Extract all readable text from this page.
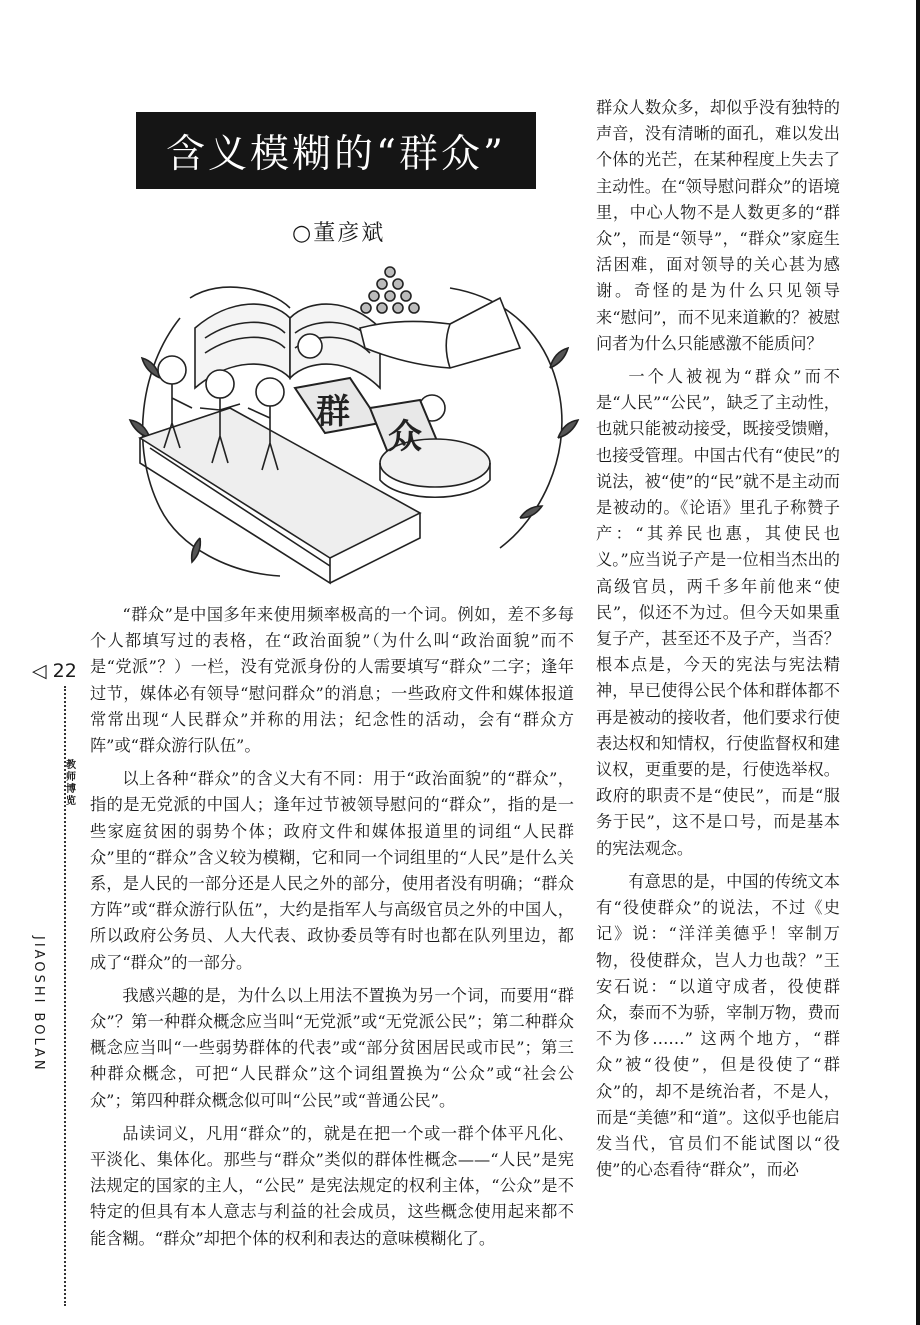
含义模糊的“群众”
○董彦斌
群
众
◁ 22
教师博览
JIAOSHI BOLAN

“群众”是中国多年来使用频率极高的一个词。例如，差不多每个人都填写过的表格，在“政治面貌”（为什么叫“政治面貌”而不是“党派”？）一栏，没有党派身份的人需要填写“群众”二字；逢年过节，媒体必有领导“慰问群众”的消息；一些政府文件和媒体报道常常出现“人民群众”并称的用法；纪念性的活动，会有“群众方阵”或“群众游行队伍”。

以上各种“群众”的含义大有不同：用于“政治面貌”的“群众”，指的是无党派的中国人；逢年过节被领导慰问的“群众”，指的是一些家庭贫困的弱势个体；政府文件和媒体报道里的词组“人民群众”里的“群众”含义较为模糊，它和同一个词组里的“人民”是什么关系，是人民的一部分还是人民之外的部分，使用者没有明确；“群众方阵”或“群众游行队伍”，大约是指军人与高级官员之外的中国人，所以政府公务员、人大代表、政协委员等有时也都在队列里边，都成了“群众”的一部分。

我感兴趣的是，为什么以上用法不置换为另一个词，而要用“群众”？第一种群众概念应当叫“无党派”或“无党派公民”；第二种群众概念应当叫“一些弱势群体的代表”或“部分贫困居民或市民”；第三种群众概念，可把“人民群众”这个词组置换为“公众”或“社会公众”；第四种群众概念似可叫“公民”或“普通公民”。

品读词义，凡用“群众”的，就是在把一个或一群个体平凡化、平淡化、集体化。那些与“群众”类似的群体性概念——“人民”是宪法规定的国家的主人，“公民” 是宪法规定的权利主体，“公众”是不特定的但具有本人意志与利益的社会成员，这些概念使用起来都不能含糊。“群众”却把个体的权利和表达的意味模糊化了。

群众人数众多，却似乎没有独特的声音，没有清晰的面孔，难以发出个体的光芒，在某种程度上失去了主动性。在“领导慰问群众”的语境里，中心人物不是人数更多的“群众”，而是“领导”，“群众”家庭生活困难，面对领导的关心甚为感谢。奇怪的是为什么只见领导来“慰问”，而不见来道歉的？被慰问者为什么只能感激不能质问？

一个人被视为“群众”而不是“人民”“公民”，缺乏了主动性，也就只能被动接受，既接受馈赠，也接受管理。中国古代有“使民”的说法，被“使”的“民”就不是主动而是被动的。《论语》里孔子称赞子产：“其养民也惠，其使民也义。”应当说子产是一位相当杰出的高级官员，两千多年前他来“使民”，似还不为过。但今天如果重复子产，甚至还不及子产，当否？根本点是，今天的宪法与宪法精神，早已使得公民个体和群体都不再是被动的接收者，他们要求行使表达权和知情权，行使监督权和建议权，更重要的是，行使选举权。政府的职责不是“使民”，而是“服务于民”，这不是口号，而是基本的宪法观念。

有意思的是，中国的传统文本有“役使群众”的说法，不过《史记》说：“洋洋美德乎！宰制万物，役使群众，岂人力也哉？”王安石说：“以道守成者，役使群众，泰而不为骄，宰制万物，费而不为侈……” 这两个地方，“群众”被“役使”，但是役使了“群众”的，却不是统治者，不是人，而是“美德”和“道”。这似乎也能启发当代，官员们不能试图以“役使”的心态看待“群众”，而必
